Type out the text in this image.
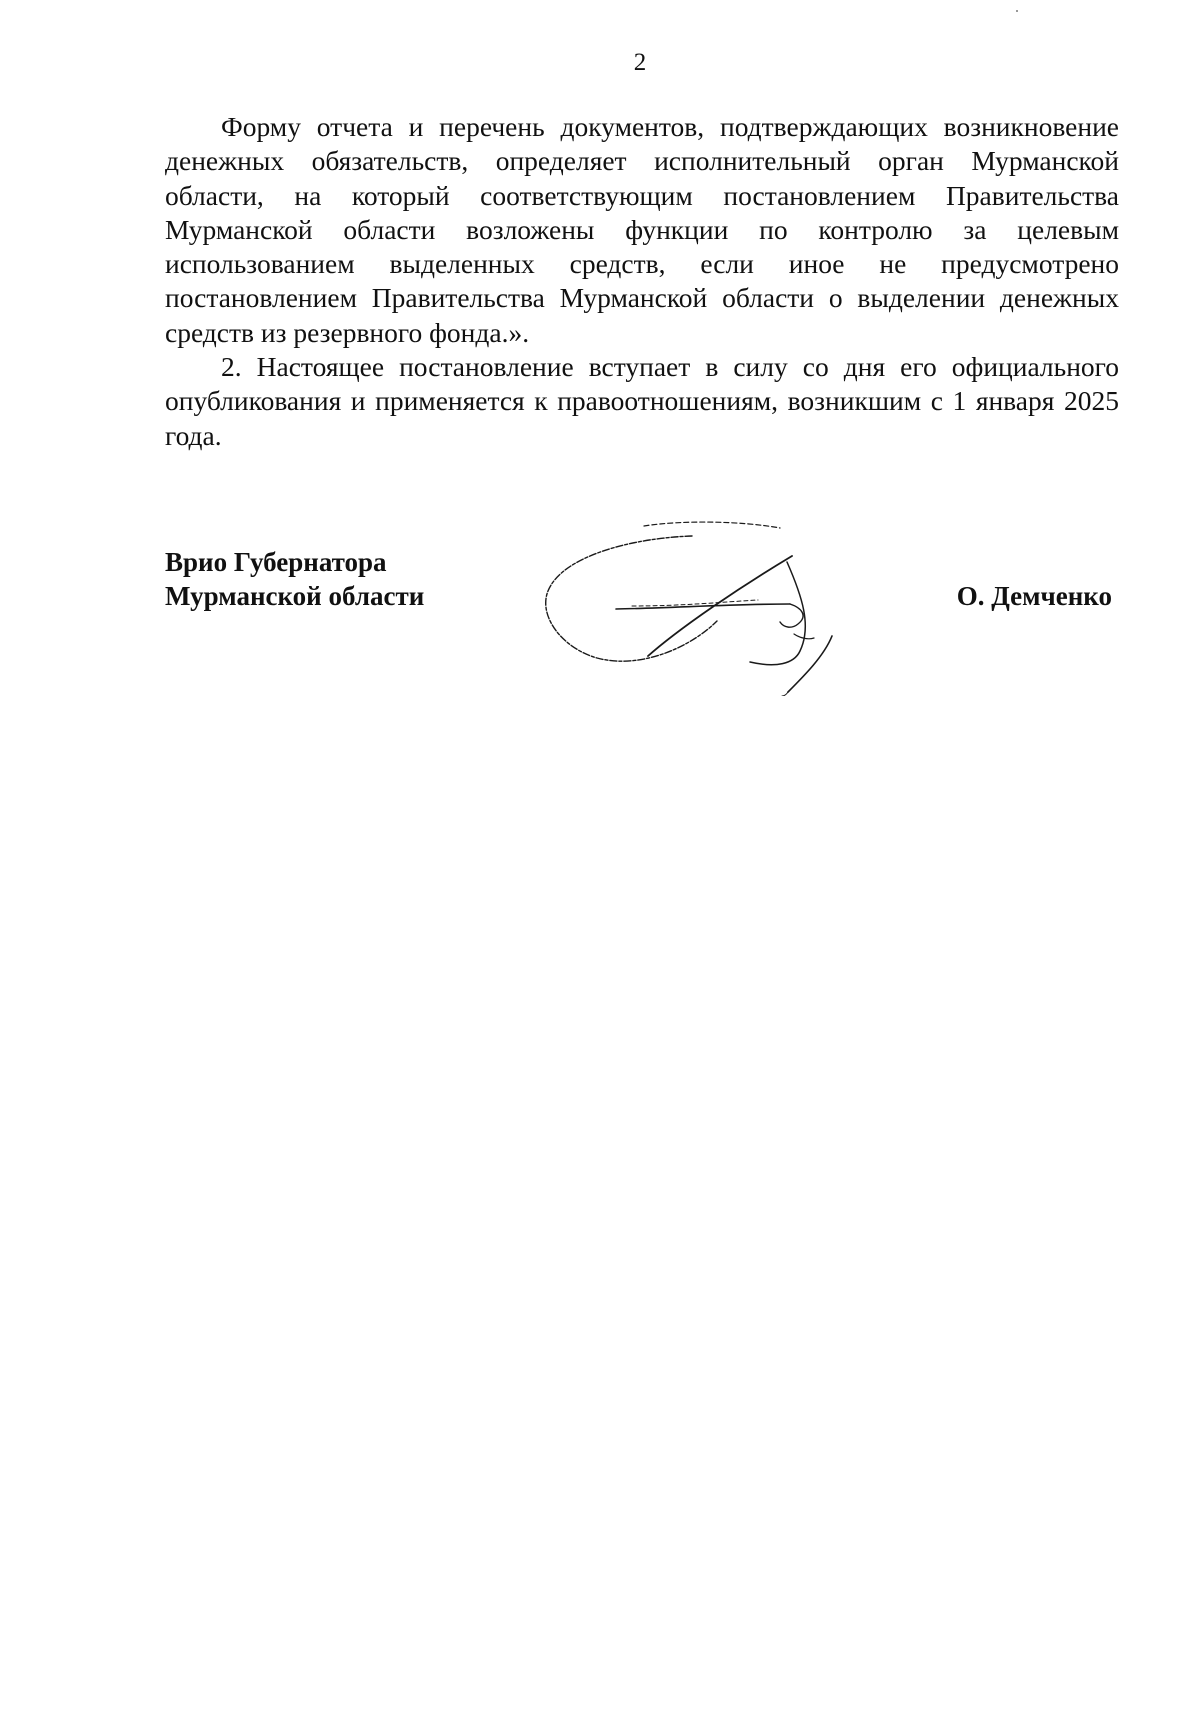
2

Форму отчета и перечень документов, подтверждающих возникновение денежных обязательств, определяет исполнительный орган Мурманской области, на который соответствующим постановлением Правительства Мурманской области возложены функции по контролю за целевым использованием выделенных средств, если иное не предусмотрено постановлением Правительства Мурманской области о выделении денежных средств из резервного фонда.».

2. Настоящее постановление вступает в силу со дня его официального опубликования и применяется к правоотношениям, возникшим с 1 января 2025 года.

Врио Губернатора
Мурманской области	О. Демченко
